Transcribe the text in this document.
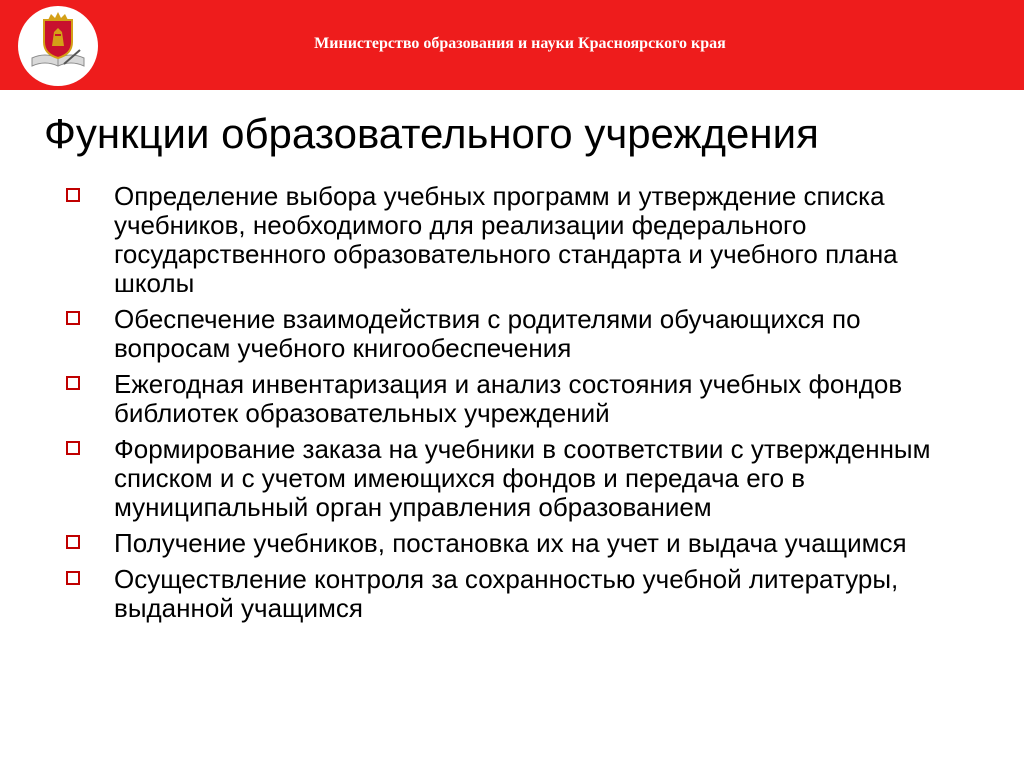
Министерство образования и науки Красноярского края
Функции образовательного учреждения
Определение выбора учебных программ и утверждение списка учебников, необходимого для реализации федерального государственного образовательного стандарта и учебного плана школы
Обеспечение взаимодействия с родителями обучающихся по вопросам учебного книгообеспечения
Ежегодная инвентаризация и анализ состояния учебных фондов библиотек образовательных учреждений
Формирование заказа на учебники в соответствии с утвержденным списком и с учетом имеющихся фондов и передача его в муниципальный орган управления образованием
Получение учебников, постановка их на учет и выдача учащимся
Осуществление контроля за сохранностью учебной литературы, выданной учащимся
